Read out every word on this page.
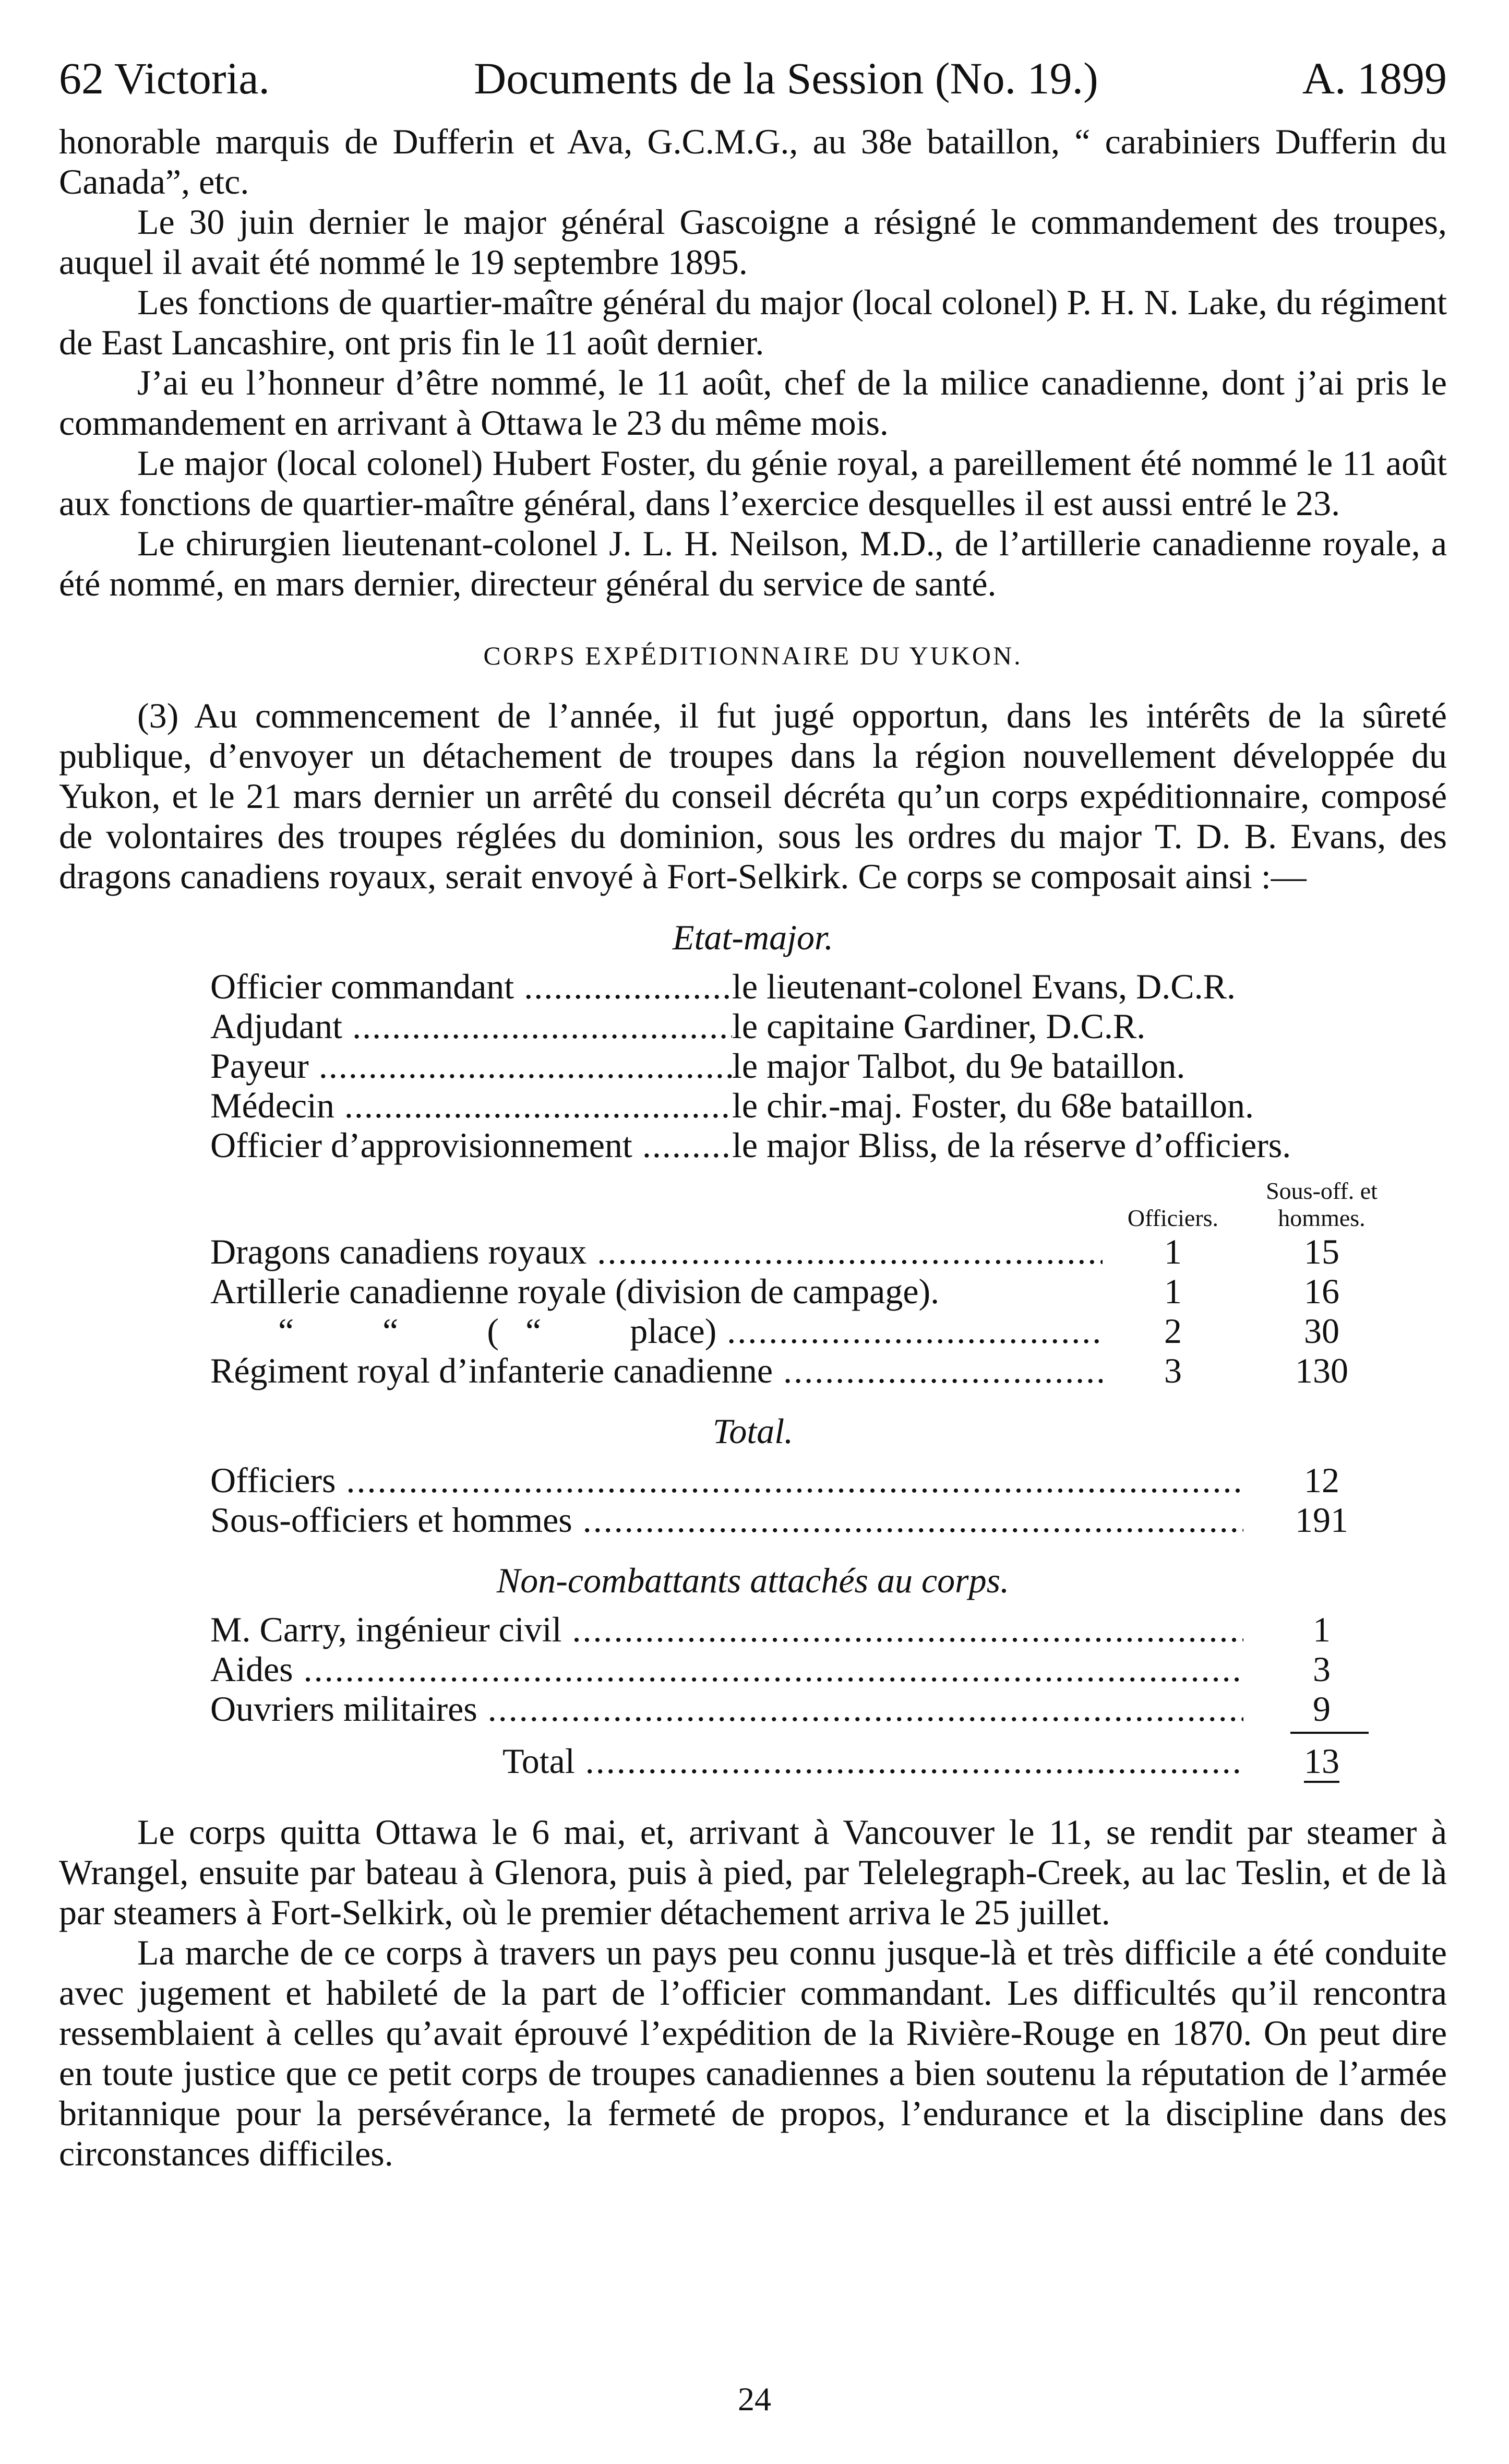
62 Victoria.	Documents de la Session (No. 19.)	A. 1899

honorable marquis de Dufferin et Ava, G.C.M.G., au 38e bataillon, “ carabiniers Dufferin du Canada”, etc.

Le 30 juin dernier le major général Gascoigne a résigné le commandement des troupes, auquel il avait été nommé le 19 septembre 1895.

Les fonctions de quartier-maître général du major (local colonel) P. H. N. Lake, du régiment de East Lancashire, ont pris fin le 11 août dernier.

J’ai eu l’honneur d’être nommé, le 11 août, chef de la milice canadienne, dont j’ai pris le commandement en arrivant à Ottawa le 23 du même mois.

Le major (local colonel) Hubert Foster, du génie royal, a pareillement été nommé le 11 août aux fonctions de quartier-maître général, dans l’exercice desquelles il est aussi entré le 23.

Le chirurgien lieutenant-colonel J. L. H. Neilson, M.D., de l’artillerie canadienne royale, a été nommé, en mars dernier, directeur général du service de santé.

CORPS EXPÉDITIONNAIRE DU YUKON.

(3) Au commencement de l’année, il fut jugé opportun, dans les intérêts de la sûreté publique, d’envoyer un détachement de troupes dans la région nouvellement développée du Yukon, et le 21 mars dernier un arrêté du conseil décréta qu’un corps expéditionnaire, composé de volontaires des troupes réglées du dominion, sous les ordres du major T. D. B. Evans, des dragons canadiens royaux, serait envoyé à Fort-Selkirk. Ce corps se composait ainsi :—

Etat-major.
Officier commandant .....	le lieutenant-colonel Evans, D.C.R.
Adjudant .....	le capitaine Gardiner, D.C.R.
Payeur .....	le major Talbot, du 9e bataillon.
Médecin .....	le chir.-maj. Foster, du 68e bataillon.
Officier d’approvisionnement .....	le major Bliss, de la réserve d’officiers.
Officiers.
Sous-off. et
hommes.
Dragons canadiens royaux .....	1	15
Artillerie canadienne royale (division de campage).	1	16
“          “          (   “          place) .....	2	30
Régiment royal d’infanterie canadienne .....	3	130
Total.
Officiers .....	12
Sous-officiers et hommes .....	191
Non-combattants attachés au corps.
M. Carry, ingénieur civil .....	1
Aides .....	3
Ouvriers militaires .....	9
Total .....	13

Le corps quitta Ottawa le 6 mai, et, arrivant à Vancouver le 11, se rendit par steamer à Wrangel, ensuite par bateau à Glenora, puis à pied, par Telelegraph-Creek, au lac Teslin, et de là par steamers à Fort-Selkirk, où le premier détachement arriva le 25 juillet.

La marche de ce corps à travers un pays peu connu jusque-là et très difficile a été conduite avec jugement et habileté de la part de l’officier commandant. Les difficultés qu’il rencontra ressemblaient à celles qu’avait éprouvé l’expédition de la Rivière-Rouge en 1870. On peut dire en toute justice que ce petit corps de troupes canadiennes a bien soutenu la réputation de l’armée britannique pour la persévérance, la fermeté de propos, l’endurance et la discipline dans des circonstances difficiles.

24
